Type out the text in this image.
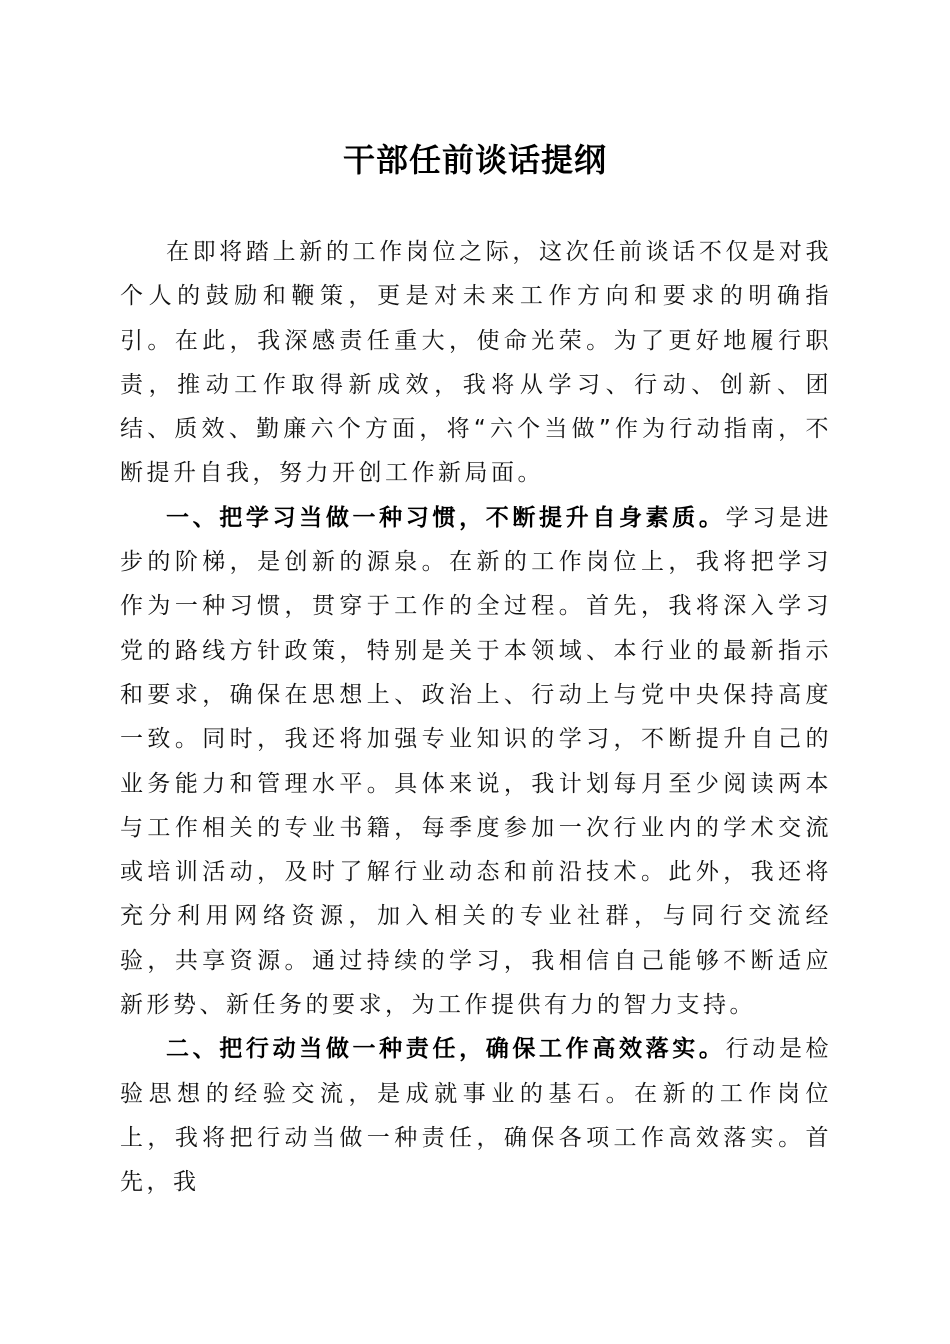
干部任前谈话提纲

在即将踏上新的工作岗位之际，这次任前谈话不仅是对我个人的鼓励和鞭策，更是对未来工作方向和要求的明确指引。在此，我深感责任重大，使命光荣。为了更好地履行职责，推动工作取得新成效，我将从学习、行动、创新、团结、质效、勤廉六个方面，将“六个当做”作为行动指南，不断提升自我，努力开创工作新局面。

一、把学习当做一种习惯，不断提升自身素质。学习是进步的阶梯，是创新的源泉。在新的工作岗位上，我将把学习作为一种习惯，贯穿于工作的全过程。首先，我将深入学习党的路线方针政策，特别是关于本领域、本行业的最新指示和要求，确保在思想上、政治上、行动上与党中央保持高度一致。同时，我还将加强专业知识的学习，不断提升自己的业务能力和管理水平。具体来说，我计划每月至少阅读两本与工作相关的专业书籍，每季度参加一次行业内的学术交流或培训活动，及时了解行业动态和前沿技术。此外，我还将充分利用网络资源，加入相关的专业社群，与同行交流经验，共享资源。通过持续的学习，我相信自己能够不断适应新形势、新任务的要求，为工作提供有力的智力支持。

二、把行动当做一种责任，确保工作高效落实。行动是检验思想的经验交流，是成就事业的基石。在新的工作岗位上，我将把行动当做一种责任，确保各项工作高效落实。首先，我
